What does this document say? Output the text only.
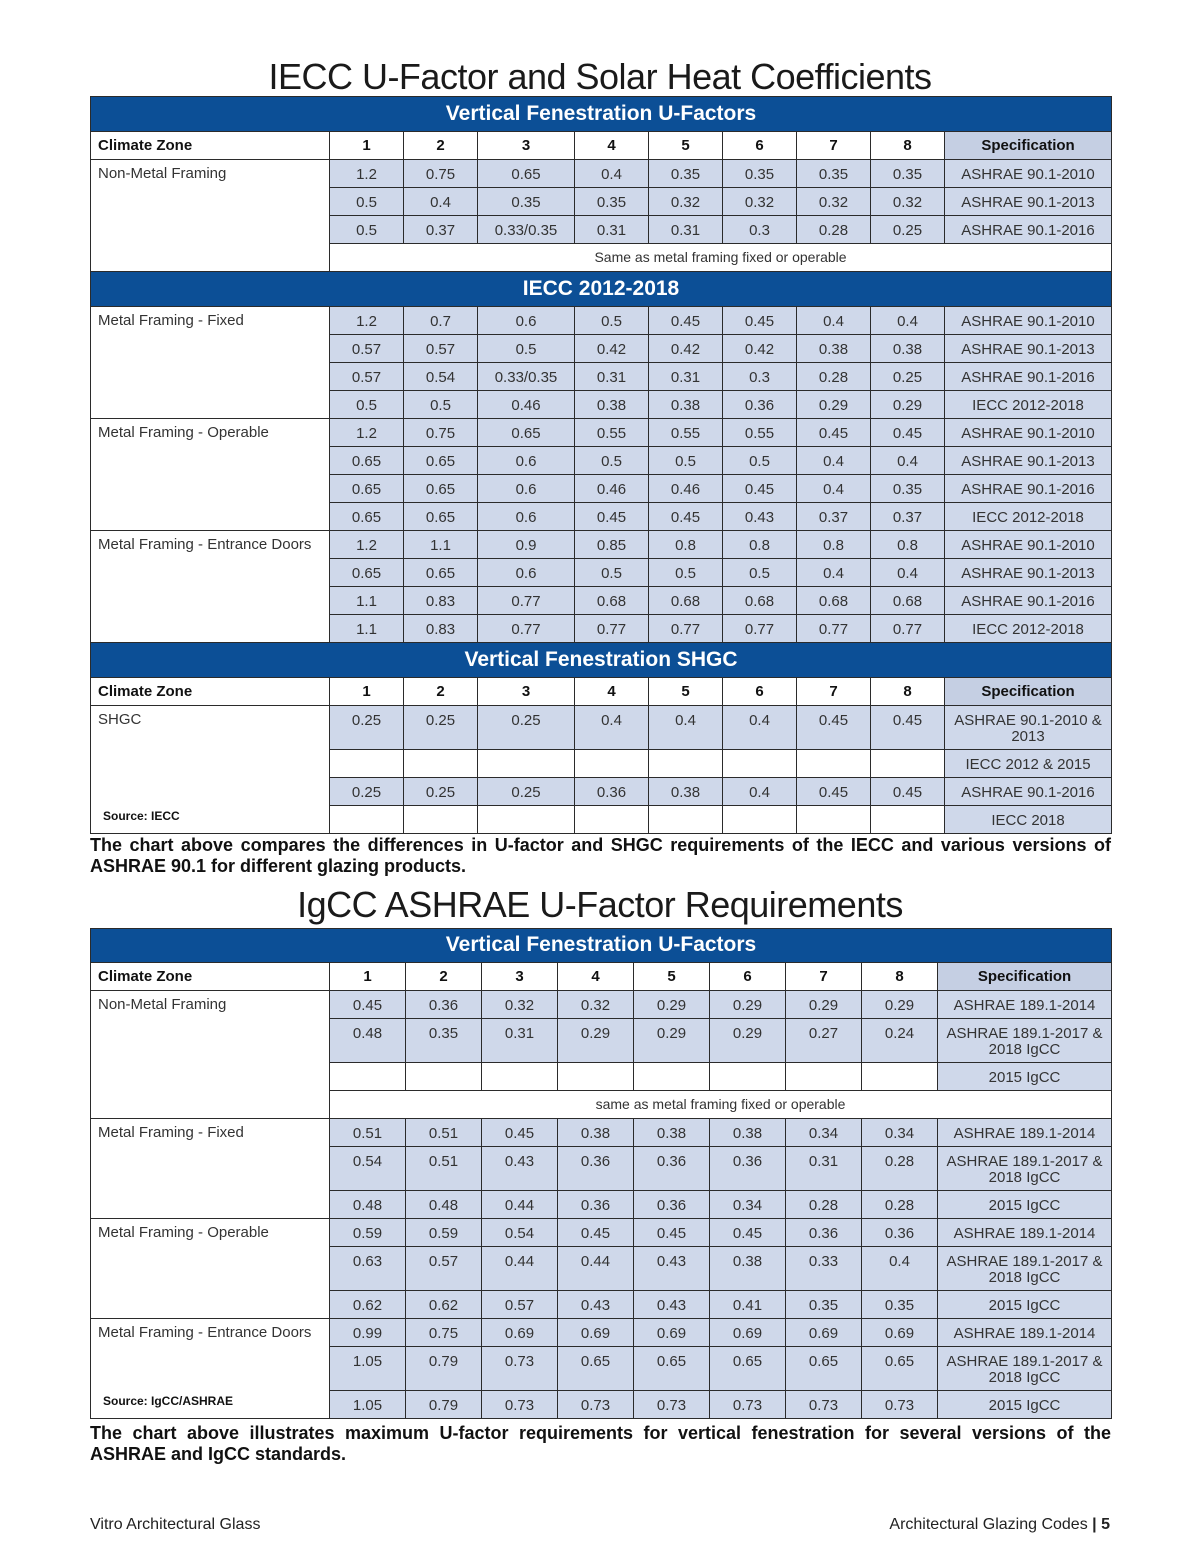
IECC U-Factor and Solar Heat Coefficients
Vertical Fenestration U-Factors									
Climate Zone	1	2	3	4	5	6	7	8	Specification
Non-Metal Framing	1.2	0.75	0.65	0.4	0.35	0.35	0.35	0.35	ASHRAE 90.1-2010
	0.5	0.4	0.35	0.35	0.32	0.32	0.32	0.32	ASHRAE 90.1-2013
	0.5	0.37	0.33/0.35	0.31	0.31	0.3	0.28	0.25	ASHRAE 90.1-2016
	Same as metal framing fixed or operable								
IECC 2012-2018									
Metal Framing - Fixed	1.2	0.7	0.6	0.5	0.45	0.45	0.4	0.4	ASHRAE 90.1-2010
	0.57	0.57	0.5	0.42	0.42	0.42	0.38	0.38	ASHRAE 90.1-2013
	0.57	0.54	0.33/0.35	0.31	0.31	0.3	0.28	0.25	ASHRAE 90.1-2016
	0.5	0.5	0.46	0.38	0.38	0.36	0.29	0.29	IECC 2012-2018
Metal Framing - Operable	1.2	0.75	0.65	0.55	0.55	0.55	0.45	0.45	ASHRAE 90.1-2010
	0.65	0.65	0.6	0.5	0.5	0.5	0.4	0.4	ASHRAE 90.1-2013
	0.65	0.65	0.6	0.46	0.46	0.45	0.4	0.35	ASHRAE 90.1-2016
	0.65	0.65	0.6	0.45	0.45	0.43	0.37	0.37	IECC 2012-2018
Metal Framing - Entrance Doors	1.2	1.1	0.9	0.85	0.8	0.8	0.8	0.8	ASHRAE 90.1-2010
	0.65	0.65	0.6	0.5	0.5	0.5	0.4	0.4	ASHRAE 90.1-2013
	1.1	0.83	0.77	0.68	0.68	0.68	0.68	0.68	ASHRAE 90.1-2016
	1.1	0.83	0.77	0.77	0.77	0.77	0.77	0.77	IECC 2012-2018
Vertical Fenestration SHGC									
Climate Zone	1	2	3	4	5	6	7	8	Specification
SHGC
Source: IECC	0.25	0.25	0.25	0.4	0.4	0.4	0.45	0.45	ASHRAE 90.1-2010 & 2013
									IECC 2012 & 2015
	0.25	0.25	0.25	0.36	0.38	0.4	0.45	0.45	ASHRAE 90.1-2016
									IECC 2018

The chart above compares the differences in U-factor and SHGC requirements of the IECC and various versions of ASHRAE 90.1 for different glazing products.

IgCC ASHRAE U-Factor Requirements
Vertical Fenestration U-Factors									
Climate Zone	1	2	3	4	5	6	7	8	Specification
Non-Metal Framing	0.45	0.36	0.32	0.32	0.29	0.29	0.29	0.29	ASHRAE 189.1-2014
	0.48	0.35	0.31	0.29	0.29	0.29	0.27	0.24	ASHRAE 189.1-2017 & 2018 IgCC
									2015 IgCC
	same as metal framing fixed or operable								
Metal Framing - Fixed	0.51	0.51	0.45	0.38	0.38	0.38	0.34	0.34	ASHRAE 189.1-2014
	0.54	0.51	0.43	0.36	0.36	0.36	0.31	0.28	ASHRAE 189.1-2017 & 2018 IgCC
	0.48	0.48	0.44	0.36	0.36	0.34	0.28	0.28	2015 IgCC
Metal Framing - Operable	0.59	0.59	0.54	0.45	0.45	0.45	0.36	0.36	ASHRAE 189.1-2014
	0.63	0.57	0.44	0.44	0.43	0.38	0.33	0.4	ASHRAE 189.1-2017 & 2018 IgCC
	0.62	0.62	0.57	0.43	0.43	0.41	0.35	0.35	2015 IgCC
Metal Framing - Entrance Doors
Source: IgCC/ASHRAE	0.99	0.75	0.69	0.69	0.69	0.69	0.69	0.69	ASHRAE 189.1-2014
	1.05	0.79	0.73	0.65	0.65	0.65	0.65	0.65	ASHRAE 189.1-2017 & 2018 IgCC
	1.05	0.79	0.73	0.73	0.73	0.73	0.73	0.73	2015 IgCC

The chart above illustrates maximum U-factor requirements for vertical fenestration for several versions of the ASHRAE and IgCC standards.

Vitro Architectural Glass	Architectural Glazing Codes | 5
